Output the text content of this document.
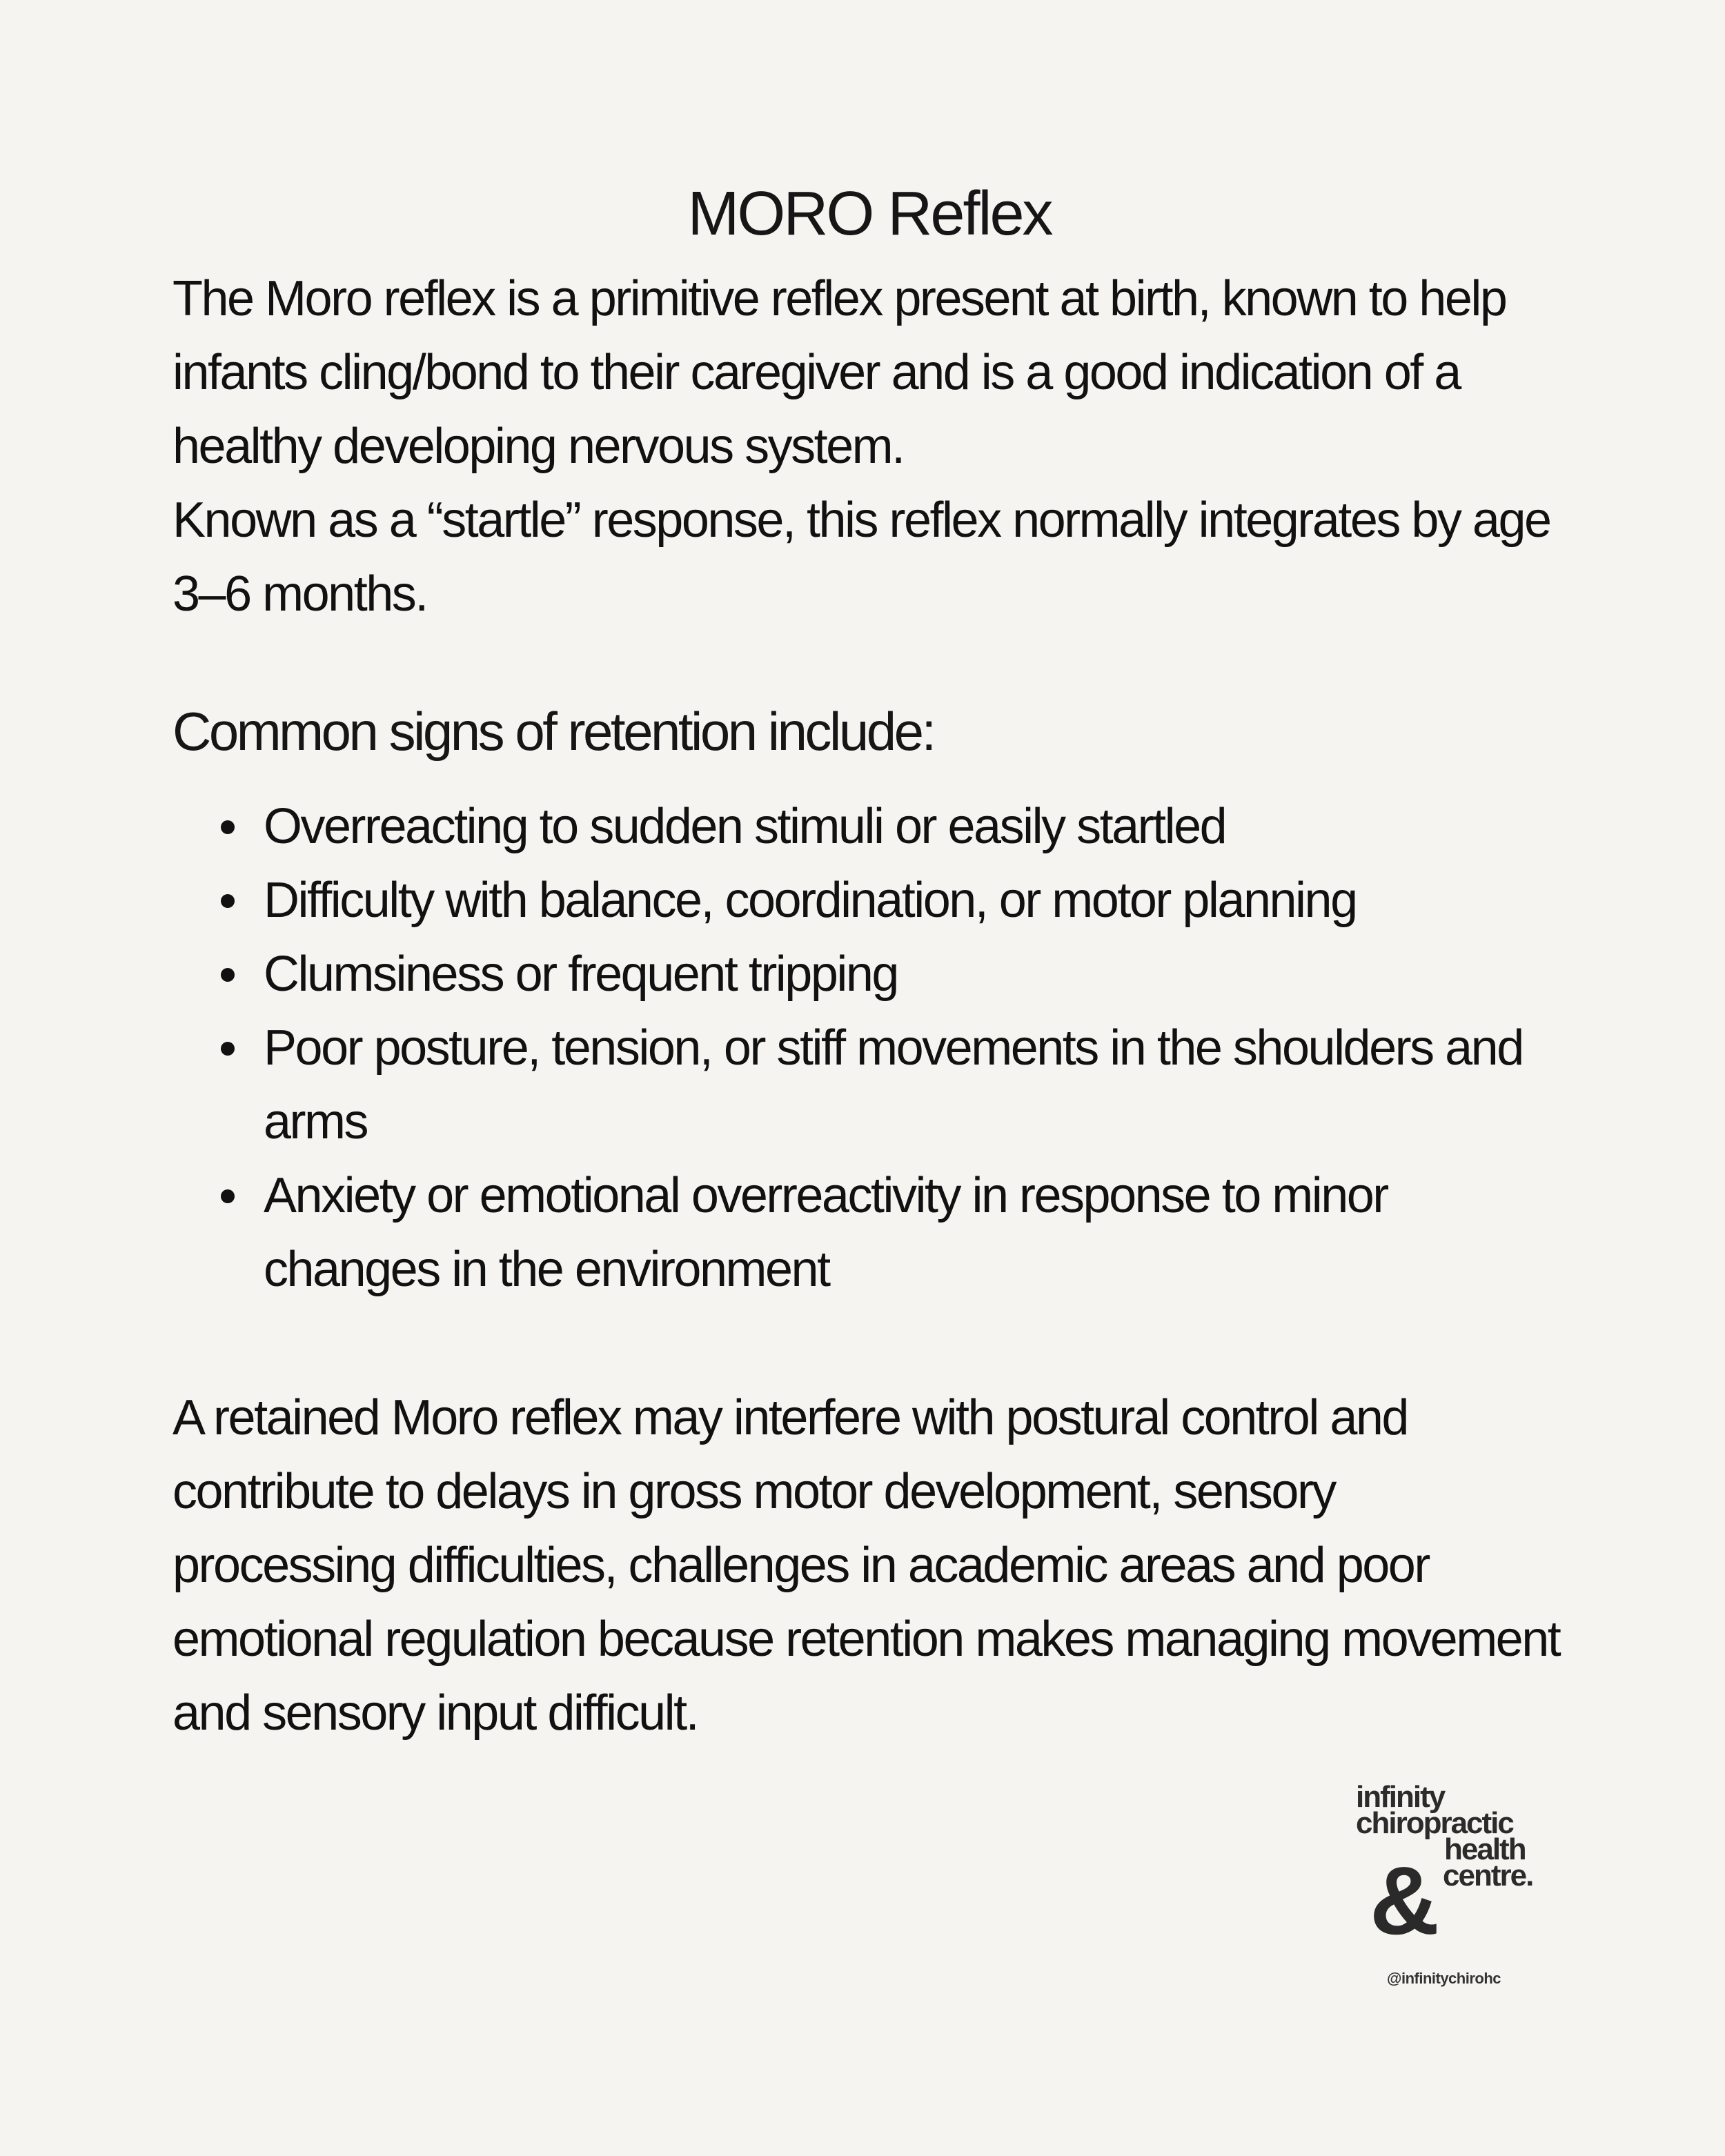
MORO Reflex

The Moro reflex is a primitive reflex present at birth, known to help infants cling/bond to their caregiver and is a good indication of a healthy developing nervous system.

Known as a “startle” response, this reflex normally integrates by age 3–6 months.

Common signs of retention include:
Overreacting to sudden stimuli or easily startled
Difficulty with balance, coordination, or motor planning
Clumsiness or frequent tripping
Poor posture, tension, or stiff movements in the shoulders and arms
Anxiety or emotional overreactivity in response to minor changes in the environment

A retained Moro reflex may interfere with postural control and contribute to delays in gross motor development, sensory processing difficulties, challenges in academic areas and poor emotional regulation because retention makes managing movement and sensory input difficult.

infinity
chiropractic
health
centre.
&
@infinitychirohc
